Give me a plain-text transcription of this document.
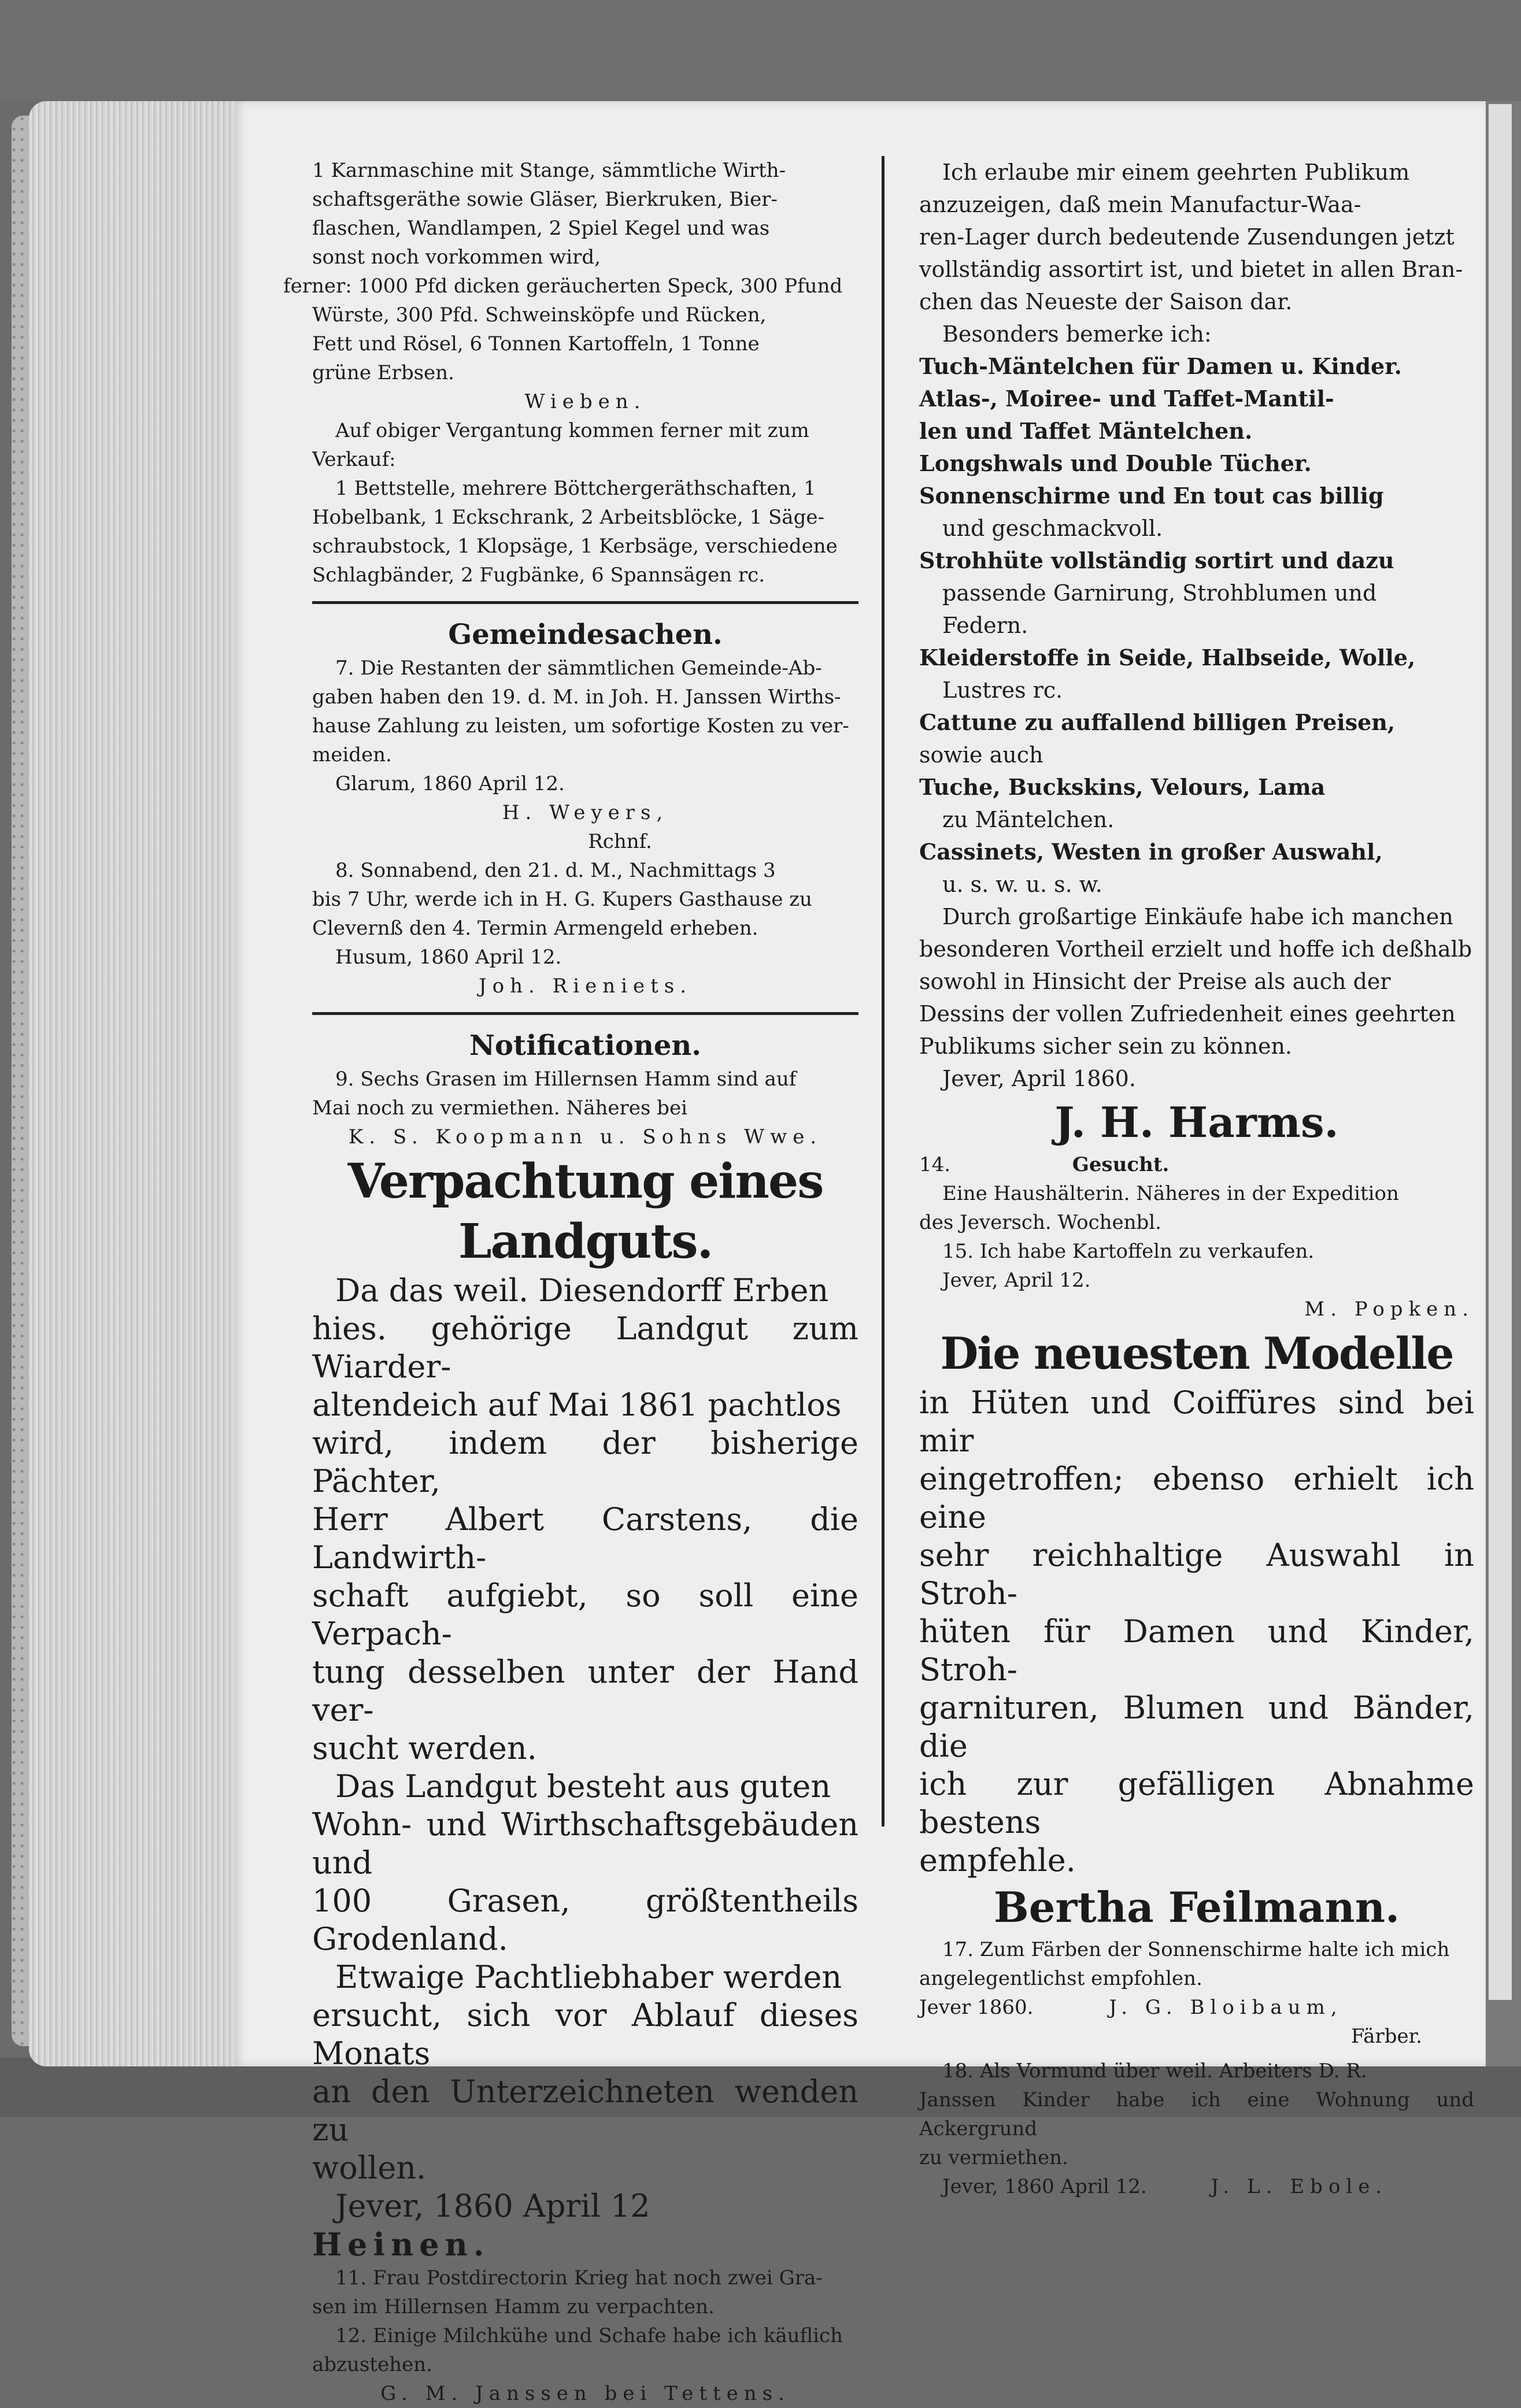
1 Karnmaschine mit Stange, sämmtliche Wirth-

schaftsgeräthe sowie Gläser, Bierkruken, Bier-

flaschen, Wandlampen, 2 Spiel Kegel und was

sonst noch vorkommen wird,

ferner: 1000 Pfd dicken geräucherten Speck, 300 Pfund

Würste, 300 Pfd. Schweinsköpfe und Rücken,

Fett und Rösel, 6 Tonnen Kartoffeln, 1 Tonne

grüne Erbsen.

Wieben.

Auf obiger Vergantung kommen ferner mit zum

Verkauf:

1 Bettstelle, mehrere Böttchergeräthschaften, 1

Hobelbank, 1 Eckschrank, 2 Arbeitsblöcke, 1 Säge-

schraubstock, 1 Klopsäge, 1 Kerbsäge, verschiedene

Schlagbänder, 2 Fugbänke, 6 Spannsägen rc.

Gemeindesachen.

7. Die Restanten der sämmtlichen Gemeinde-Ab-

gaben haben den 19. d. M. in Joh. H. Janssen Wirths-

hause Zahlung zu leisten, um sofortige Kosten zu ver-

meiden.

Glarum, 1860 April 12.

H. Weyers,

Rchnf.

8. Sonnabend, den 21. d. M., Nachmittags 3

bis 7 Uhr, werde ich in H. G. Kupers Gasthause zu

Clevernß den 4. Termin Armengeld erheben.

Husum, 1860 April 12.

Joh. Rieniets.

Notificationen.

9. Sechs Grasen im Hillernsen Hamm sind auf

Mai noch zu vermiethen. Näheres bei

K. S. Koopmann u. Sohns Wwe.

Verpachtung eines Landguts.

Da das weil. Diesendorff Erben

hies. gehörige Landgut zum Wiarder-

altendeich auf Mai 1861 pachtlos

wird, indem der bisherige Pächter,

Herr Albert Carstens, die Landwirth-

schaft aufgiebt, so soll eine Verpach-

tung desselben unter der Hand ver-

sucht werden.

Das Landgut besteht aus guten

Wohn- und Wirthschaftsgebäuden und

100 Grasen, größtentheils Grodenland.

Etwaige Pachtliebhaber werden

ersucht, sich vor Ablauf dieses Monats

an den Unterzeichneten wenden zu

wollen.

Jever, 1860 April 12

Heinen.

11. Frau Postdirectorin Krieg hat noch zwei Gra-

sen im Hillernsen Hamm zu verpachten.

12. Einige Milchkühe und Schafe habe ich käuflich

abzustehen.

G. M. Janssen bei Tettens.

Ich erlaube mir einem geehrten Publikum

anzuzeigen, daß mein Manufactur-Waa-

ren-Lager durch bedeutende Zusendungen jetzt

vollständig assortirt ist, und bietet in allen Bran-

chen das Neueste der Saison dar.

Besonders bemerke ich:

Tuch-Mäntelchen für Damen u. Kinder.

Atlas-, Moiree- und Taffet-Mantil-

len und Taffet Mäntelchen.

Longshwals und Double Tücher.

Sonnenschirme und En tout cas billig

und geschmackvoll.

Strohhüte vollständig sortirt und dazu

passende Garnirung, Strohblumen und

Federn.

Kleiderstoffe in Seide, Halbseide, Wolle,

Lustres rc.

Cattune zu auffallend billigen Preisen,

sowie auch

Tuche, Buckskins, Velours, Lama

zu Mäntelchen.

Cassinets, Westen in großer Auswahl,

u. s. w. u. s. w.

Durch großartige Einkäufe habe ich manchen

besonderen Vortheil erzielt und hoffe ich deßhalb

sowohl in Hinsicht der Preise als auch der

Dessins der vollen Zufriedenheit eines geehrten

Publikums sicher sein zu können.

Jever, April 1860.

J. H. Harms.

14.	Gesucht.

Eine Haushälterin. Näheres in der Expedition

des Jeversch. Wochenbl.

15. Ich habe Kartoffeln zu verkaufen.

Jever, April 12.

M. Popken.

Die neuesten Modelle

in Hüten und Coiffüres sind bei mir

eingetroffen; ebenso erhielt ich eine

sehr reichhaltige Auswahl in Stroh-

hüten für Damen und Kinder, Stroh-

garnituren, Blumen und Bänder, die

ich zur gefälligen Abnahme bestens

empfehle.

Bertha Feilmann.

17. Zum Färben der Sonnenschirme halte ich mich

angelegentlichst empfohlen.

Jever 1860.	J. G. Bloibaum,

Färber.

18. Als Vormund über weil. Arbeiters D. R.

Janssen Kinder habe ich eine Wohnung und Ackergrund

zu vermiethen.

Jever, 1860 April 12.	J. L. Ebole.
